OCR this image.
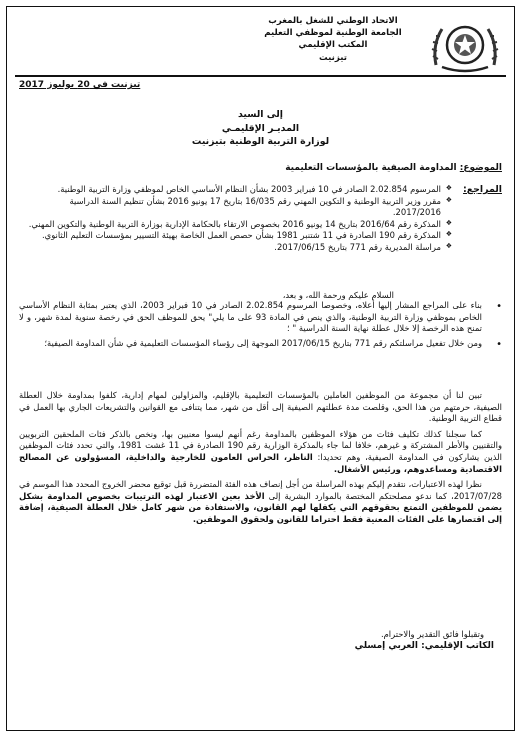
الاتحاد الوطني للشغل بالمغرب
الجامعة الوطنية لموظفي التعليم
المكتب الإقليمي
تيزنيت
تيزنيت في 20 يوليوز 2017
إلى السيد
المديـر الإقليمـي
لوزارة التربية الوطنية بتيزنيت
الموضوع: المداومة الصيفية بالمؤسسات التعليمية
المراجع:
❖ المرسوم 2.02.854 الصادر في 10 فبراير 2003 بشأن النظام الأساسي الخاص لموظفي وزارة التربية الوطنية.
❖ مقرر وزير التربية الوطنية و التكوين المهني رقم 16/035 بتاريخ 17 يونيو 2016 بشأن تنظيم السنة الدراسية 2017/2016.
❖ المذكرة رقم 2016/64 بتاريخ 14 يونيو 2016 بخصوص الارتقاء بالحكامة الإدارية بوزارة التربية الوطنية والتكوين المهني.
❖ المذكرة رقم 190 الصادرة في 11 شتنبر 1981 بشأن حصص العمل الخاصة بهيئة التسيير بمؤسسات التعليم الثانوي.
❖ مراسلة المديرية رقم 771 بتاريخ 2017/06/15.
السلام عليكم ورحمة الله، و بعد،
• بناء على المراجع المشار إليها أعلاه، وخصوصا المرسوم 2.02.854 الصادر في 10 فبراير 2003، الذي يعتبر بمثابة النظام الأساسي الخاص بموظفي وزارة التربية الوطنية، والذي ينص في المادة 93 على ما يلي" يحق للموظف الحق في رخصة سنوية لمدة شهر، و لا تمنح هذه الرخصة إلا خلال عطلة نهاية السنة الدراسية " ؛
• ومن خلال تفعيل مراسلتكم رقم 771 بتاريخ 2017/06/15 الموجهة إلى رؤساء المؤسسات التعليمية في شأن المداومة الصيفية؛
تبين لنا أن مجموعة من الموظفين العاملين بالمؤسسات التعليمية بالإقليم، والمزاولين لمهام إدارية، كلفوا بمداومة خلال العطلة الصيفية، حرمتهم من هذا الحق، وقلصت مدة عطلتهم الصيفية إلى أقل من شهر، مما يتنافى مع القوانين والتشريعات الجاري بها العمل في قطاع التربية الوطنية.
كما سجلنا كذلك تكليف فئات من هؤلاء الموظفين بالمداومة رغم أنهم ليسوا معنيين بها، ونخص بالذكر فئات الملحقين التربويين والتقنيين والأطر المشتركة و غيرهم، خلافا لما جاء بالمذكرة الوزارية رقم 190 الصادرة في 11 غشت 1981، والتي تحدد فئات الموظفين الذين يشاركون في المداومة الصيفية، وهم تحديدا: الناظر، الحراس العامون للخارجية والداخلية، المسؤولون عن المصالح الاقتصادية ومساعدوهم، ورئيس الأشغال.
نظرا لهذه الاعتبارات، نتقدم إليكم بهذه المراسلة من أجل إنصاف هذه الفئة المتضررة قبل توقيع محضر الخروج المحدد هذا الموسم في 2017/07/28، كما ندعو مصلحتكم المختصة بالموارد البشرية إلى الأخذ بعين الاعتبار لهذه الترتيبات بخصوص المداومة بشكل يضمن للموظفين التمتع بحقوقهم التي يكفلها لهم القانون، والاستفادة من شهر كامل خلال العطلة الصيفية، إضافة إلى اقتصارها على الفئات المعنية فقط احتراما للقانون ولحقوق الموظفين.
وتقبلوا فائق التقدير والاحترام.
الكاتب الإقليمي: العربي إمسلي
